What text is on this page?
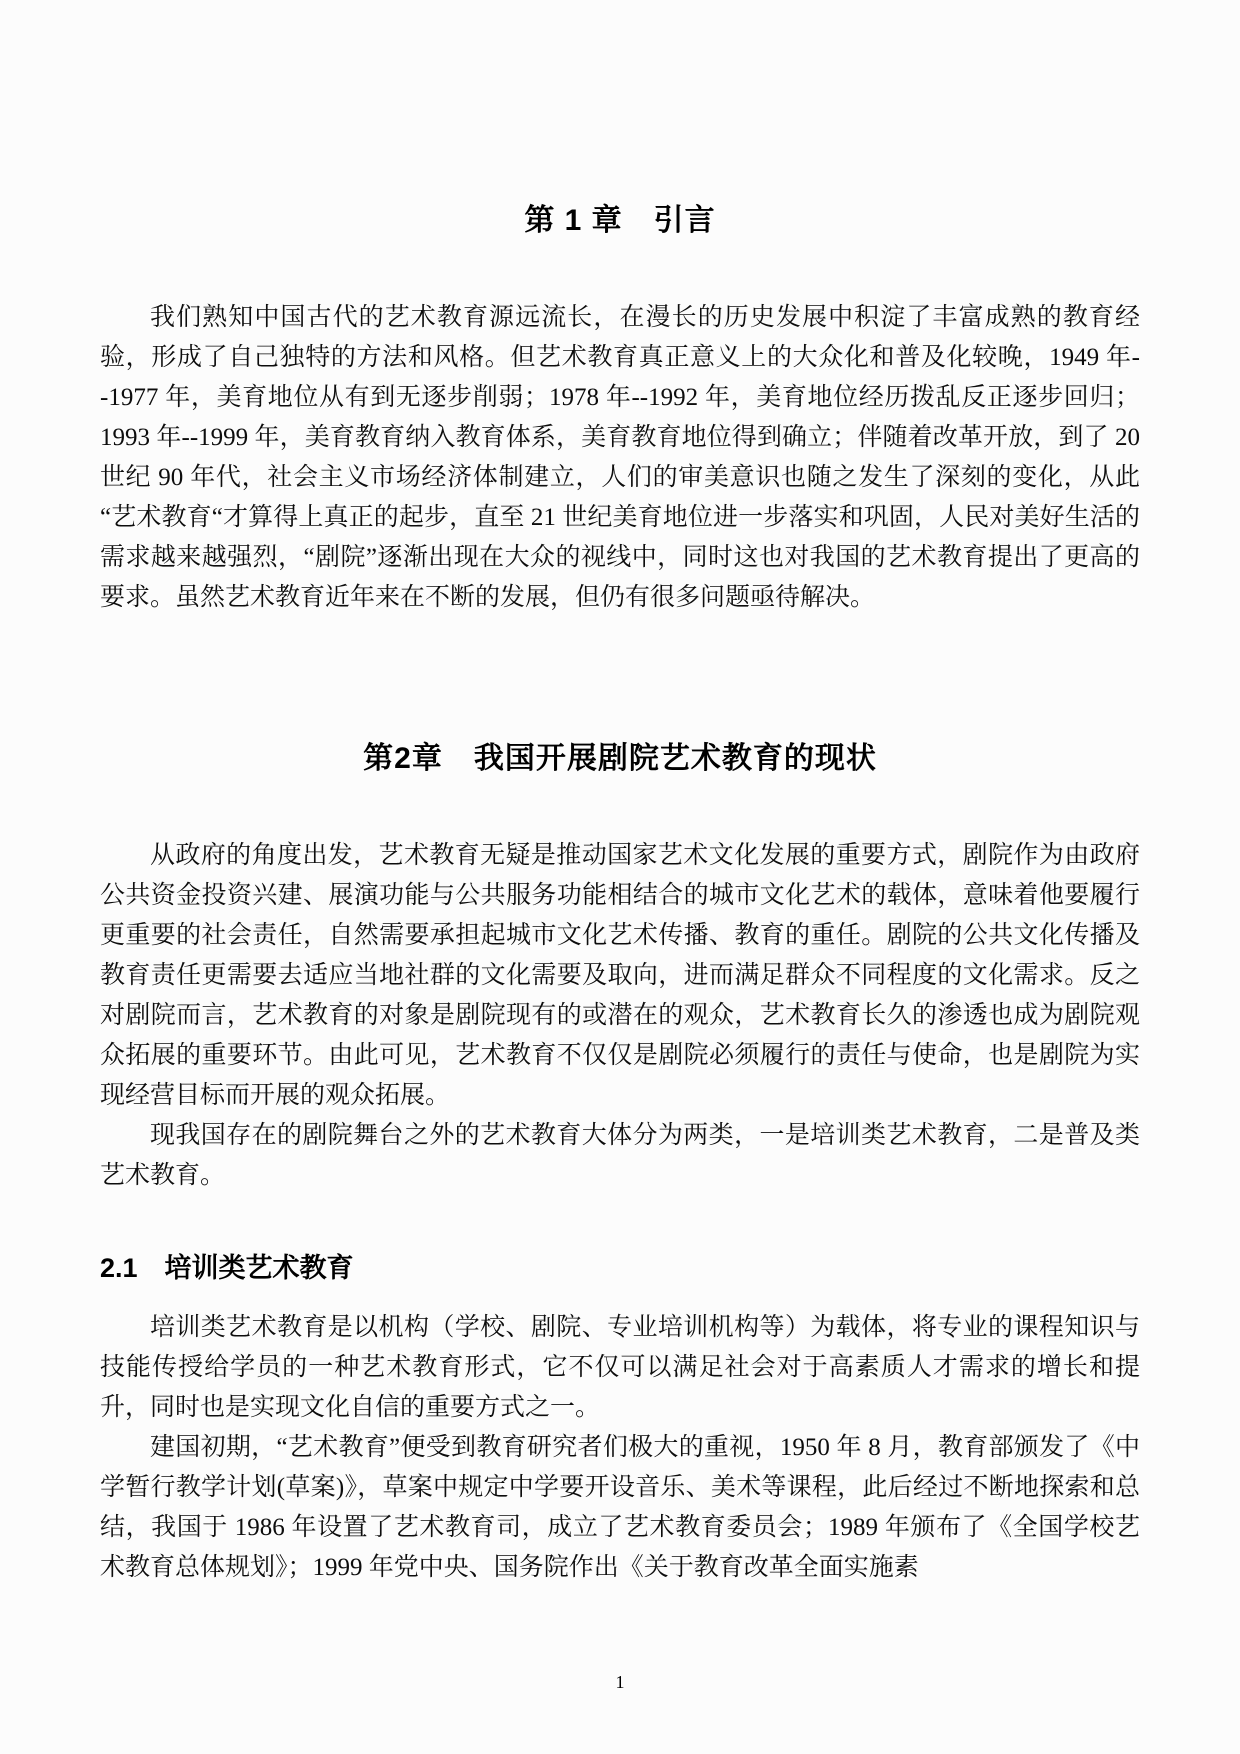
第 1 章　引言

我们熟知中国古代的艺术教育源远流长，在漫长的历史发展中积淀了丰富成熟的教育经验，形成了自己独特的方法和风格。但艺术教育真正意义上的大众化和普及化较晚，1949 年--1977 年，美育地位从有到无逐步削弱；1978 年--1992 年，美育地位经历拨乱反正逐步回归；1993 年--1999 年，美育教育纳入教育体系，美育教育地位得到确立；伴随着改革开放，到了 20 世纪 90 年代，社会主义市场经济体制建立，人们的审美意识也随之发生了深刻的变化，从此“艺术教育“才算得上真正的起步，直至 21 世纪美育地位进一步落实和巩固，人民对美好生活的需求越来越强烈，“剧院”逐渐出现在大众的视线中，同时这也对我国的艺术教育提出了更高的要求。虽然艺术教育近年来在不断的发展，但仍有很多问题亟待解决。

第2章　我国开展剧院艺术教育的现状

从政府的角度出发，艺术教育无疑是推动国家艺术文化发展的重要方式，剧院作为由政府公共资金投资兴建、展演功能与公共服务功能相结合的城市文化艺术的载体，意味着他要履行更重要的社会责任，自然需要承担起城市文化艺术传播、教育的重任。剧院的公共文化传播及教育责任更需要去适应当地社群的文化需要及取向，进而满足群众不同程度的文化需求。反之对剧院而言，艺术教育的对象是剧院现有的或潜在的观众，艺术教育长久的渗透也成为剧院观众拓展的重要环节。由此可见，艺术教育不仅仅是剧院必须履行的责任与使命，也是剧院为实现经营目标而开展的观众拓展。

现我国存在的剧院舞台之外的艺术教育大体分为两类，一是培训类艺术教育，二是普及类艺术教育。

2.1　培训类艺术教育

培训类艺术教育是以机构（学校、剧院、专业培训机构等）为载体，将专业的课程知识与技能传授给学员的一种艺术教育形式，它不仅可以满足社会对于高素质人才需求的增长和提升，同时也是实现文化自信的重要方式之一。

建国初期，“艺术教育”便受到教育研究者们极大的重视，1950 年 8 月，教育部颁发了《中学暂行教学计划(草案)》，草案中规定中学要开设音乐、美术等课程，此后经过不断地探索和总结，我国于 1986 年设置了艺术教育司，成立了艺术教育委员会；1989 年颁布了《全国学校艺术教育总体规划》；1999 年党中央、国务院作出《关于教育改革全面实施素

1
